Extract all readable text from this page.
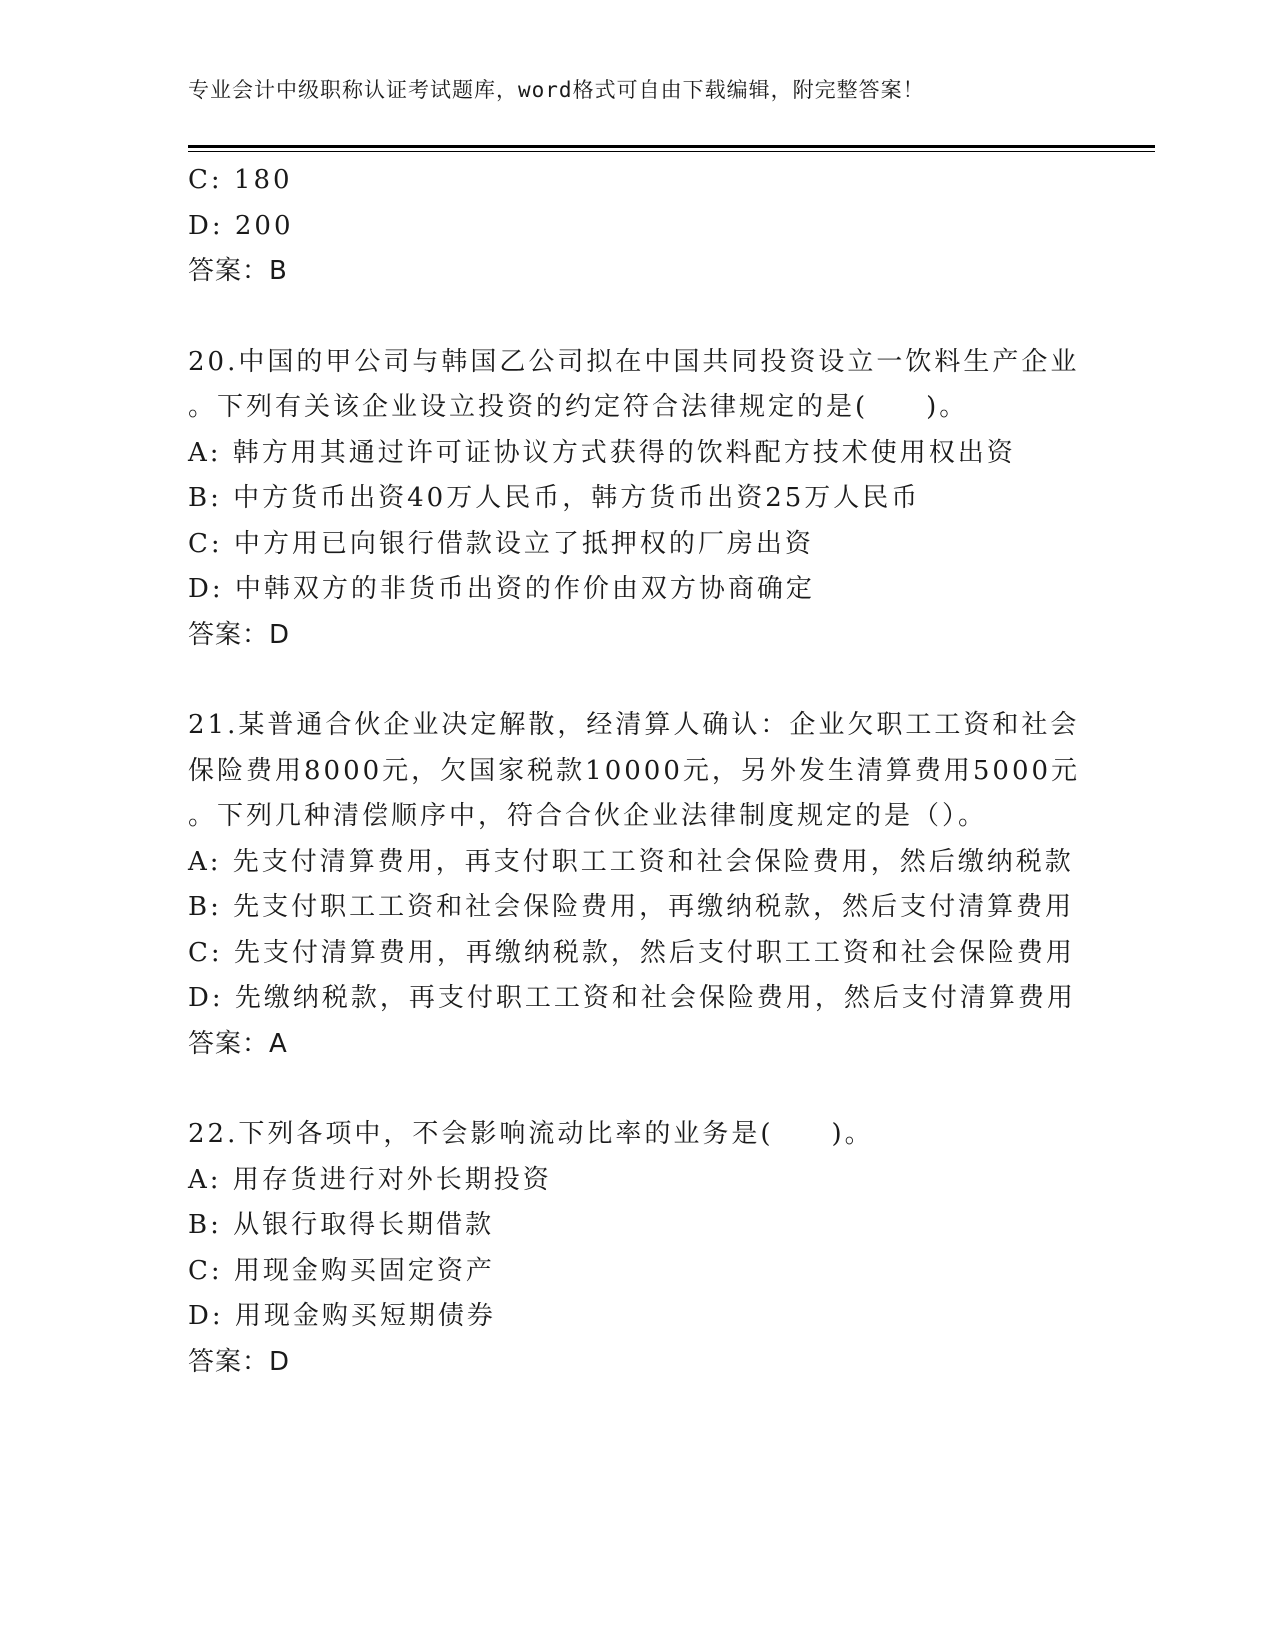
专业会计中级职称认证考试题库，word格式可自由下载编辑，附完整答案！
C: 180
D: 200
答案：B
20.中国的甲公司与韩国乙公司拟在中国共同投资设立一饮料生产企业
。下列有关该企业设立投资的约定符合法律规定的是(　　)。
A: 韩方用其通过许可证协议方式获得的饮料配方技术使用权出资
B: 中方货币出资40万人民币，韩方货币出资25万人民币
C: 中方用已向银行借款设立了抵押权的厂房出资
D: 中韩双方的非货币出资的作价由双方协商确定
答案：D
21.某普通合伙企业决定解散，经清算人确认：企业欠职工工资和社会
保险费用8000元，欠国家税款10000元，另外发生清算费用5000元
。下列几种清偿顺序中，符合合伙企业法律制度规定的是（）。
A: 先支付清算费用，再支付职工工资和社会保险费用，然后缴纳税款
B: 先支付职工工资和社会保险费用，再缴纳税款，然后支付清算费用
C: 先支付清算费用，再缴纳税款，然后支付职工工资和社会保险费用
D: 先缴纳税款，再支付职工工资和社会保险费用，然后支付清算费用
答案：A
22.下列各项中，不会影响流动比率的业务是(　　)。
A: 用存货进行对外长期投资
B: 从银行取得长期借款
C: 用现金购买固定资产
D: 用现金购买短期债券
答案：D
